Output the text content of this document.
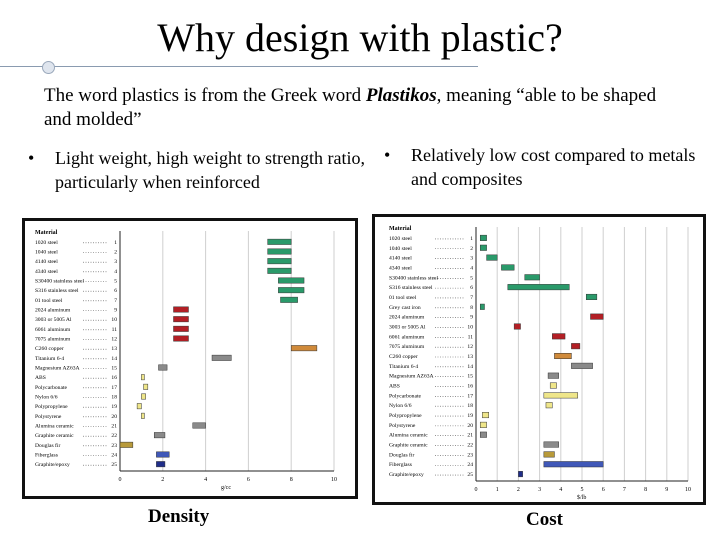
Why design with plastic?
The word plastics is from the Greek word Plastikos, meaning “able to be shaped and molded”
• Light weight, high weight to strength ratio, particularly when reinforced
• Relatively low cost compared to metals and composites
0	2	4	6	8	10
Material
g/cc
1020 steel	1
1040 steel	2
4140 steel	3
4340 steel	4
S30400 stainless steel	5
S316 stainless steel	6
01 tool steel	7
2024 aluminum	9
3003 or 5005 Al	10
6061 aluminum	11
7075 aluminum	12
C260 copper	13
Titanium 6-4	14
Magnesium AZ63A	15
ABS	16
Polycarbonate	17
Nylon 6/6	18
Polypropylene	19
Polystyrene	20
Alumina ceramic	21
Graphite ceramic	22
Douglas fir	23
Fiberglass	24
Graphite/epoxy	25
0	1	2	3	4	5	6	7	8	9	10
Material
$/lb
1020 steel	1
1040 steel	2
4140 steel	3
4340 steel	4
S30400 stainless steel	5
S316 stainless steel	6
01 tool steel	7
Grey cast iron	8
2024 aluminum	9
3003 or 5005 Al	10
6061 aluminum	11
7075 aluminum	12
C260 copper	13
Titanium 6-4	14
Magnesium AZ63A	15
ABS	16
Polycarbonate	17
Nylon 6/6	18
Polypropylene	19
Polystyrene	20
Alumina ceramic	21
Graphite ceramic	22
Douglas fir	23
Fiberglass	24
Graphite/epoxy	25
Density	Cost
